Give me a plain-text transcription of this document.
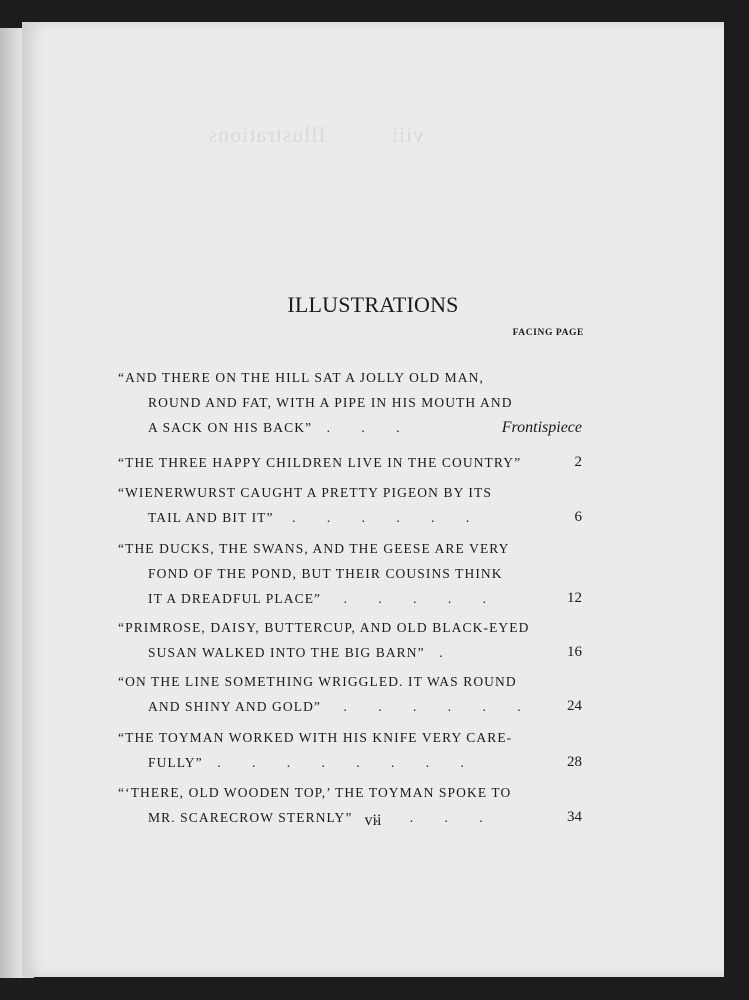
viii          Illustrations

ILLUSTRATIONS
FACING PAGE
“AND THERE ON THE HILL SAT A JOLLY OLD MAN,
ROUND AND FAT, WITH A PIPE IN HIS MOUTH AND
A SACK ON HIS BACK” . . .	Frontispiece
“THE THREE HAPPY CHILDREN LIVE IN THE COUNTRY”	2
“WIENERWURST CAUGHT A PRETTY PIGEON BY ITS
TAIL AND BIT IT” . . . . . .	6
“THE DUCKS, THE SWANS, AND THE GEESE ARE VERY
FOND OF THE POND, BUT THEIR COUSINS THINK
IT A DREADFUL PLACE” . . . . .	12
“PRIMROSE, DAISY, BUTTERCUP, AND OLD BLACK-EYED
SUSAN WALKED INTO THE BIG BARN” .	16
“ON THE LINE SOMETHING WRIGGLED. IT WAS ROUND
AND SHINY AND GOLD” . . . . . . 24
“THE TOYMAN WORKED WITH HIS KNIFE VERY CARE-
FULLY” . . . . . . . .	28
“‘THERE, OLD WOODEN TOP,’ THE TOYMAN SPOKE TO
MR. SCARECROW STERNLY” . . . .	34
vii
